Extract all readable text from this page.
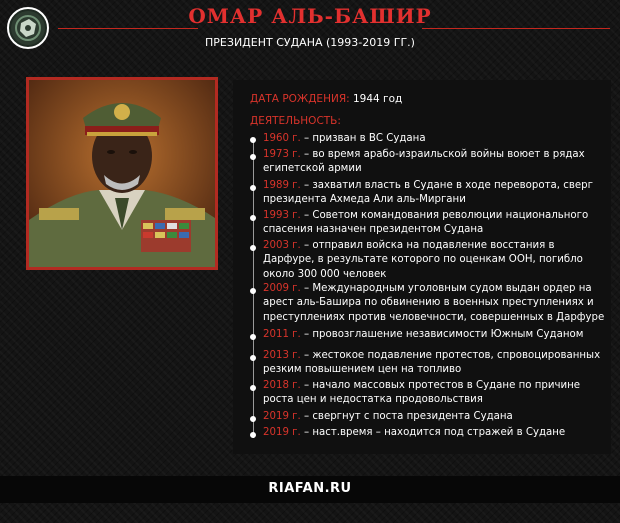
ОМАР АЛЬ-БАШИР
ПРЕЗИДЕНТ СУДАНА (1993-2019 ГГ.)
ДАТА РОЖДЕНИЯ: 1944 год
ДЕЯТЕЛЬНОСТЬ:
1960 г. – призван в ВС Судана
1973 г. – во время арабо-израильской войны воюет в рядах египетской армии
1989 г. – захватил власть в Судане в ходе переворота, сверг президента Ахмеда Али аль-Миргани
1993 г. – Советом командования революции национального спасения назначен президентом Судана
2003 г. – отправил войска на подавление восстания в Дарфуре, в результате которого по оценкам ООН, погибло около 300 000 человек
2009 г. – Международным уголовным судом выдан ордер на арест аль-Башира по обвинению в военных преступлениях и преступлениях против человечности, совершенных в Дарфуре
2011 г. – провозглашение независимости Южным Суданом
2013 г. – жестокое подавление протестов, спровоцированных резким повышением цен на топливо
2018 г. – начало массовых протестов в Судане по причине роста цен и недостатка продовольствия
2019 г. – свергнут с поста президента Судана
2019 г. – наст.время – находится под стражей в Судане
RIAFAN.RU
